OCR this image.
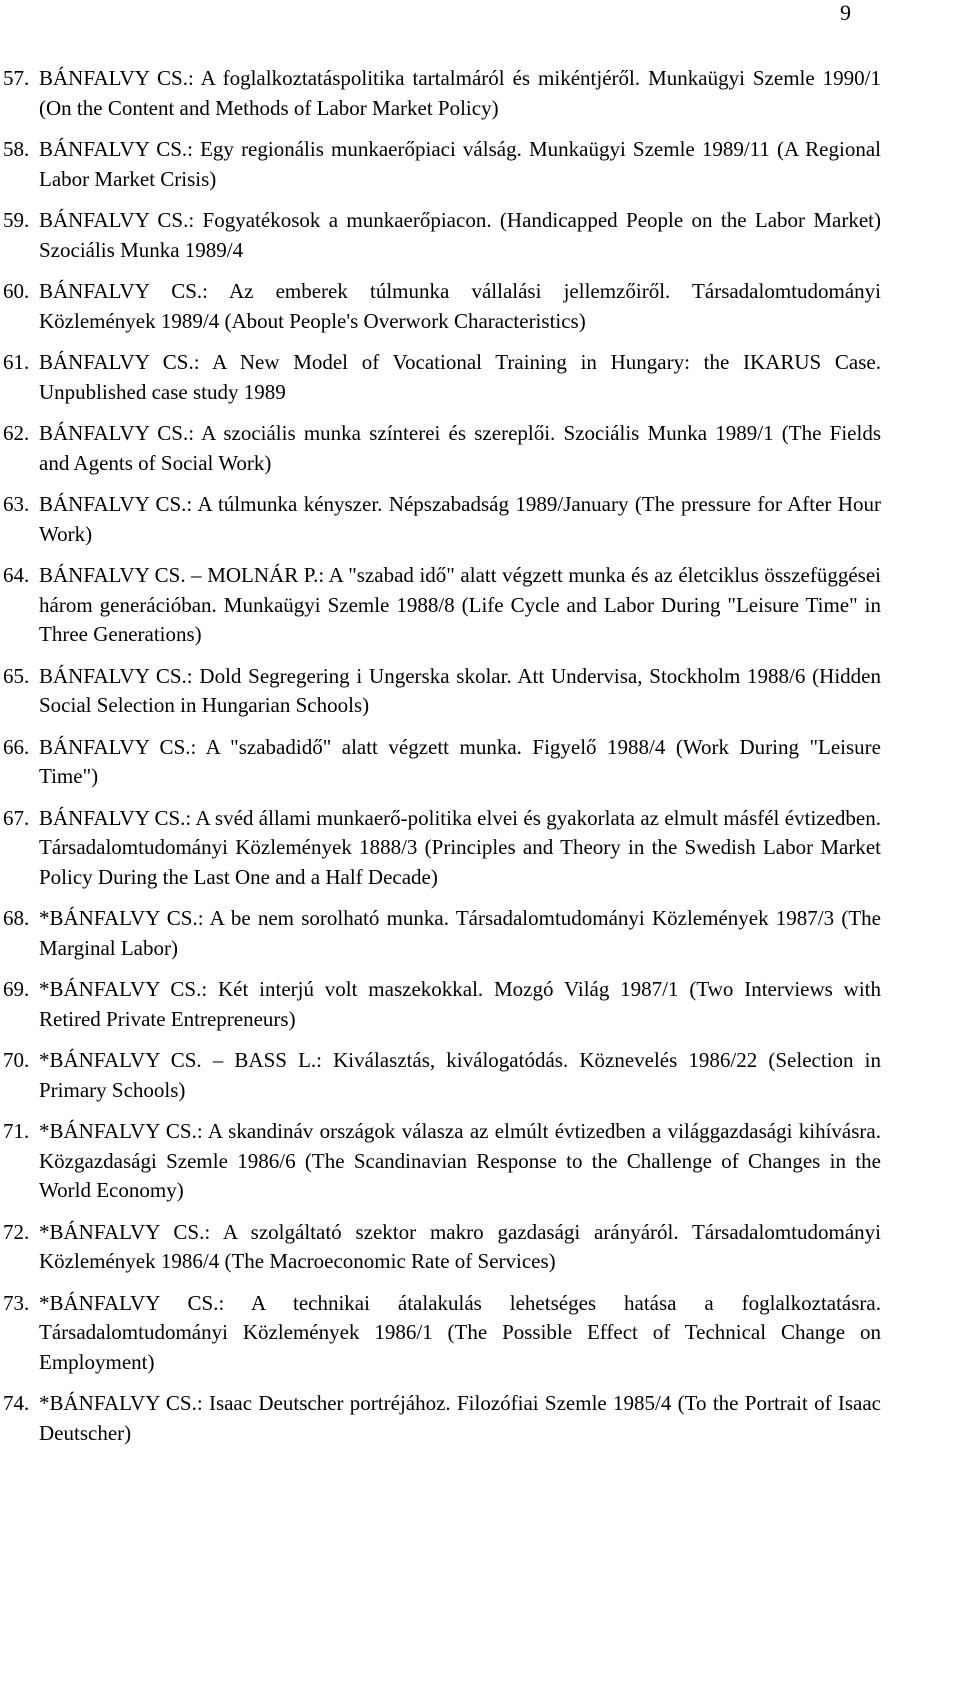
9
57. BÁNFALVY CS.: A foglalkoztatáspolitika tartalmáról és mikéntjéről. Munkaügyi Szemle 1990/1 (On the Content and Methods of Labor Market Policy)
58. BÁNFALVY CS.: Egy regionális munkaerőpiaci válság. Munkaügyi Szemle 1989/11 (A Regional Labor Market Crisis)
59. BÁNFALVY CS.: Fogyatékosok a munkaerőpiacon. (Handicapped People on the Labor Market) Szociális Munka 1989/4
60. BÁNFALVY CS.: Az emberek túlmunka vállalási jellemzőiről. Társadalomtudományi Közlemények 1989/4 (About People's Overwork Characteristics)
61. BÁNFALVY CS.: A New Model of Vocational Training in Hungary: the IKARUS Case. Unpublished case study 1989
62. BÁNFALVY CS.: A szociális munka színterei és szereplői. Szociális Munka 1989/1 (The Fields and Agents of Social Work)
63. BÁNFALVY CS.: A túlmunka kényszer. Népszabadság 1989/January (The pressure for After Hour Work)
64. BÁNFALVY CS. – MOLNÁR P.: A "szabad idő" alatt végzett munka és az életciklus összefüggései három generációban. Munkaügyi Szemle 1988/8 (Life Cycle and Labor During "Leisure Time" in Three Generations)
65. BÁNFALVY CS.: Dold Segregering i Ungerska skolar. Att Undervisa, Stockholm 1988/6 (Hidden Social Selection in Hungarian Schools)
66. BÁNFALVY CS.: A "szabadidő" alatt végzett munka. Figyelő 1988/4 (Work During "Leisure Time")
67. BÁNFALVY CS.: A svéd állami munkaerő-politika elvei és gyakorlata az elmult másfél évtizedben. Társadalomtudományi Közlemények 1888/3 (Principles and Theory in the Swedish Labor Market Policy During the Last One and a Half Decade)
68. *BÁNFALVY CS.: A be nem sorolható munka. Társadalomtudományi Közlemények 1987/3 (The Marginal Labor)
69. *BÁNFALVY CS.: Két interjú volt maszekokkal. Mozgó Világ 1987/1 (Two Interviews with Retired Private Entrepreneurs)
70. *BÁNFALVY CS. – BASS L.: Kiválasztás, kiválogatódás. Köznevelés 1986/22 (Selection in Primary Schools)
71. *BÁNFALVY CS.: A skandináv országok válasza az elmúlt évtizedben a világgazdasági kihívásra. Közgazdasági Szemle 1986/6 (The Scandinavian Response to the Challenge of Changes in the World Economy)
72. *BÁNFALVY CS.: A szolgáltató szektor makro gazdasági arányáról. Társadalomtudományi Közlemények 1986/4 (The Macroeconomic Rate of Services)
73. *BÁNFALVY CS.: A technikai átalakulás lehetséges hatása a foglalkoztatásra. Társadalomtudományi Közlemények 1986/1 (The Possible Effect of Technical Change on Employment)
74. *BÁNFALVY CS.: Isaac Deutscher portréjához. Filozófiai Szemle 1985/4 (To the Portrait of Isaac Deutscher)
